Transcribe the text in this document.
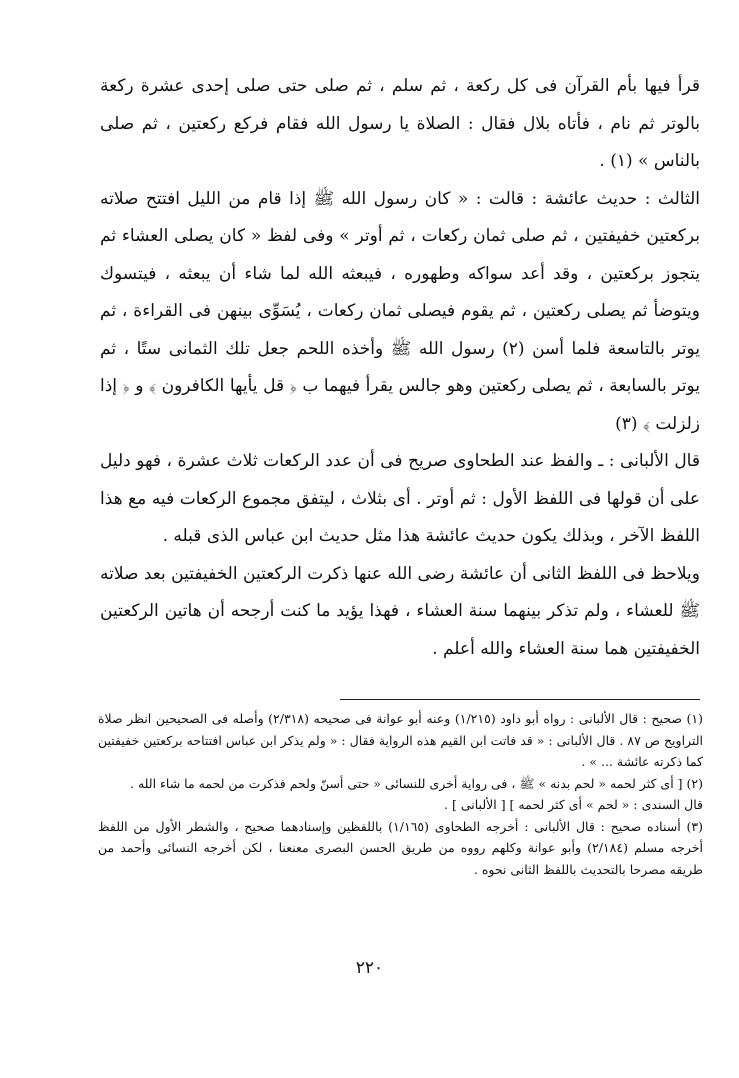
قرأ فيها بأم القرآن فى كل ركعة ، ثم سلم ، ثم صلى حتى صلى إحدى عشرة ركعة بالوتر ثم نام ، فأتاه بلال فقال : الصلاة يا رسول الله فقام فركع ركعتين ، ثم صلى بالناس » (١) .

الثالث : حديث عائشة : قالت : « كان رسول الله ﷺ إذا قام من الليل افتتح صلاته بركعتين خفيفتين ، ثم صلى ثمان ركعات ، ثم أوتر » وفى لفظ « كان يصلى العشاء ثم يتجوز بركعتين ، وقد أعد سواكه وطهوره ، فيبعثه الله لما شاء أن يبعثه ، فيتسوك ويتوضأ ثم يصلى ركعتين ، ثم يقوم فيصلى ثمان ركعات ، يُسَوِّى بينهن فى القراءة ، ثم يوتر بالتاسعة فلما أسن (٢) رسول الله ﷺ وأخذه اللحم جعل تلك الثمانى ستًا ، ثم يوتر بالسابعة ، ثم يصلى ركعتين وهو جالس يقرأ فيهما ب ﴿ قل يأيها الكافرون ﴾ و ﴿ إذا زلزلت ﴾ (٣)

قال الألبانى : ـ والفظ عند الطحاوى صريح فى أن عدد الركعات ثلاث عشرة ، فهو دليل على أن قولها فى اللفظ الأول : ثم أوتر . أى بثلاث ، ليتفق مجموع الركعات فيه مع هذا اللفظ الآخر ، وبذلك يكون حديث عائشة هذا مثل حديث ابن عباس الذى قبله .

ويلاحظ فى اللفظ الثانى أن عائشة رضى الله عنها ذكرت الركعتين الخفيفتين بعد صلاته ﷺ للعشاء ، ولم تذكر بينهما سنة العشاء ، فهذا يؤيد ما كنت أرجحه أن هاتين الركعتين الخفيفتين هما سنة العشاء والله أعلم .

(١) صحيح : قال الألبانى : رواه أبو داود (١/٢١٥) وعنه أبو عوانة فى صحيحه (٢/٣١٨) وأصله فى الصحيحين انظر صلاة التراويح ص ٨٧ . قال الألبانى : « قد فاتت ابن القيم هذه الرواية فقال : « ولم يذكر ابن عباس افتتاحه بركعتين خفيفتين كما ذكرته عائشة ... » .

(٢) [ أى كثر لحمه « لحم بدنه » ﷺ ، فى رواية أخرى للنسائى « حتى أسنّ ولحم فذكرت من لحمه ما شاء الله .

قال السندى : « لحم » أى كثر لحمه ] [ الألبانى ] .

(٣) أسناده صحيح : قال الألبانى : أخرجه الطحاوى (١/١٦٥) باللفظين وإسنادهما صحيح ، والشطر الأول من اللفظ أخرجه مسلم (٢/١٨٤) وأبو عوانة وكلهم رووه من طريق الحسن البصرى معنعنا ، لكن أخرجه النسائى وأحمد من طريقه مصرحا بالتحديث باللفظ الثانى نحوه .

٢٢٠
